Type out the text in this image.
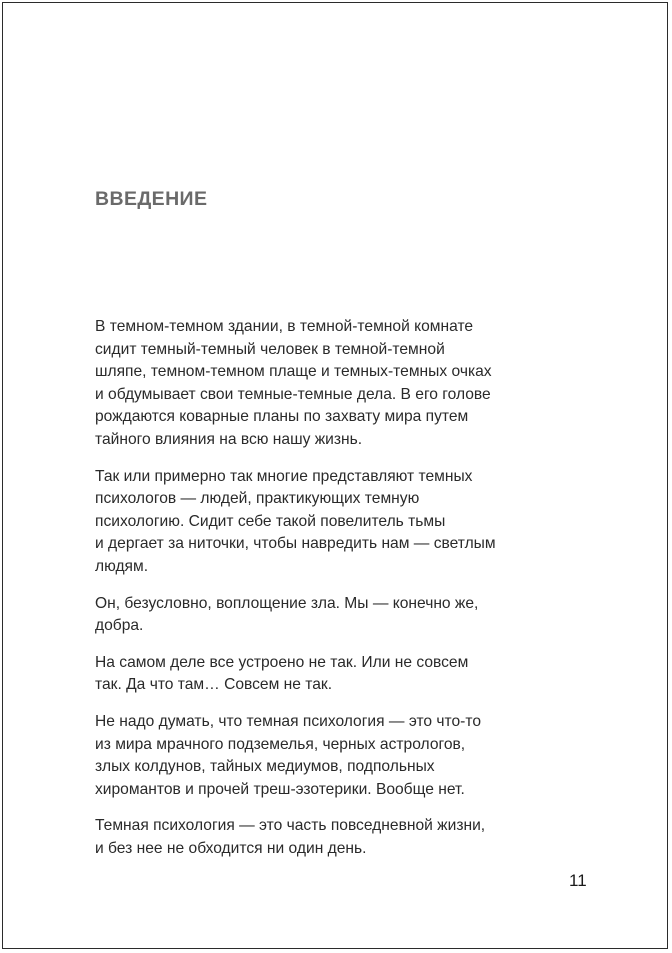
ВВЕДЕНИЕ

В темном-темном здании, в темной-темной комнате
сидит темный-темный человек в темной-темной
шляпе, темном-темном плаще и темных-темных очках
и обдумывает свои темные-темные дела. В его голове
рождаются коварные планы по захвату мира путем
тайного влияния на всю нашу жизнь.

Так или примерно так многие представляют темных
психологов — людей, практикующих темную
психологию. Сидит себе такой повелитель тьмы
и дергает за ниточки, чтобы навредить нам — светлым
людям.

Он, безусловно, воплощение зла. Мы — конечно же,
добра.

На самом деле все устроено не так. Или не совсем
так. Да что там… Совсем не так.

Не надо думать, что темная психология — это что-то
из мира мрачного подземелья, черных астрологов,
злых колдунов, тайных медиумов, подпольных
хиромантов и прочей треш-эзотерики. Вообще нет.

Темная психология — это часть повседневной жизни,
и без нее не обходится ни один день.

11
